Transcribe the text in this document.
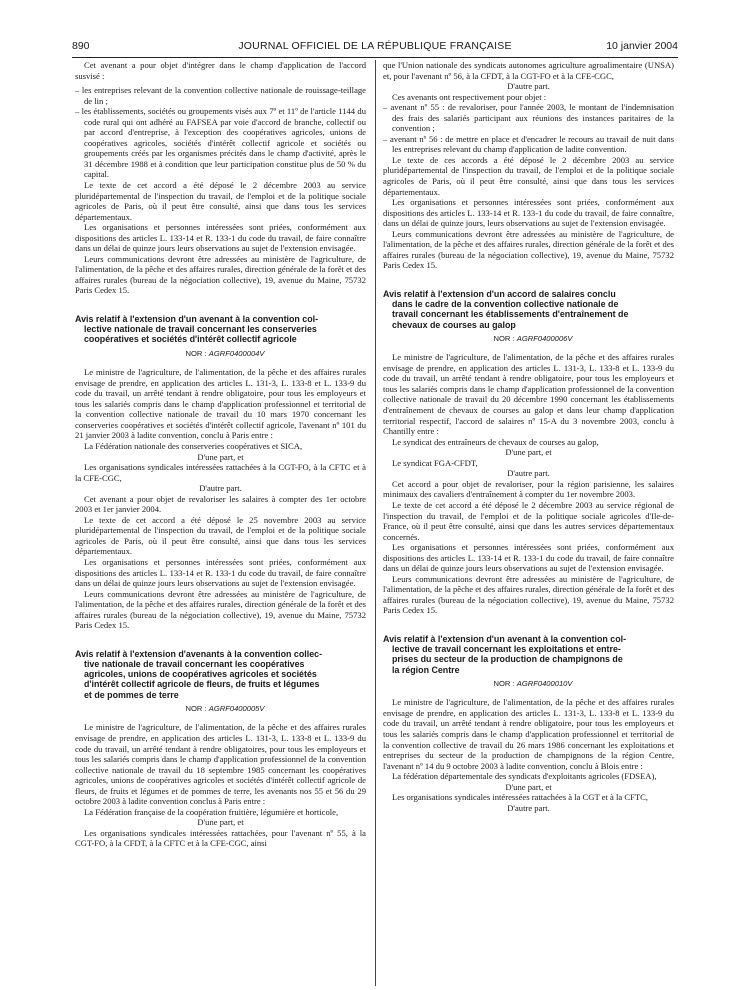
890	JOURNAL OFFICIEL DE LA RÉPUBLIQUE FRANÇAISE	10 janvier 2004

Cet avenant a pour objet d'intégrer dans le champ d'application de l'accord susvisé :

– les entreprises relevant de la convention collective nationale de rouissage-teillage de lin ;

– les établissements, sociétés ou groupements visés aux 7º et 11º de l'article 1144 du code rural qui ont adhéré au FAFSEA par voie d'accord de branche, collectif ou par accord d'entreprise, à l'exception des coopératives agricoles, unions de coopératives agricoles, sociétés d'intérêt collectif agricole et sociétés ou groupements créés par les organismes précités dans le champ d'activité, après le 31 décembre 1988 et à condition que leur participation constitue plus de 50 % du capital.

Le texte de cet accord a été déposé le 2 décembre 2003 au service pluridépartemental de l'inspection du travail, de l'emploi et de la politique sociale agricoles de Paris, où il peut être consulté, ainsi que dans tous les services départementaux.

Les organisations et personnes intéressées sont priées, conformément aux dispositions des articles L. 133-14 et R. 133-1 du code du travail, de faire connaître dans un délai de quinze jours leurs observations au sujet de l'extension envisagée.

Leurs communications devront être adressées au ministère de l'agriculture, de l'alimentation, de la pêche et des affaires rurales, direction générale de la forêt et des affaires rurales (bureau de la négociation collective), 19, avenue du Maine, 75732 Paris Cedex 15.

Avis relatif à l'extension d'un avenant à la convention col-
lective nationale de travail concernant les conserveries
coopératives et sociétés d'intérêt collectif agricole

NOR : AGRF0400004V

Le ministre de l'agriculture, de l'alimentation, de la pêche et des affaires rurales envisage de prendre, en application des articles L. 131-3, L. 133-8 et L. 133-9 du code du travail, un arrêté tendant à rendre obligatoire, pour tous les employeurs et tous les salariés compris dans le champ d'application professionnel et territorial de la convention collective nationale de travail du 10 mars 1970 concernant les conserveries coopératives et sociétés d'intérêt collectif agricole, l'avenant nº 101 du 21 janvier 2003 à ladite convention, conclu à Paris entre :

La Fédération nationale des conserveries coopératives et SICA,

D'une part, et

Les organisations syndicales intéressées rattachées à la CGT-FO, à la CFTC et à la CFE-CGC,

D'autre part.

Cet avenant a pour objet de revaloriser les salaires à compter des 1er octobre 2003 et 1er janvier 2004.

Le texte de cet accord a été déposé le 25 novembre 2003 au service pluridépartemental de l'inspection du travail, de l'emploi et de la politique sociale agricoles de Paris, où il peut être consulté, ainsi que dans tous les services départementaux.

Les organisations et personnes intéressées sont priées, conformément aux dispositions des articles L. 133-14 et R. 133-1 du code du travail, de faire connaître dans un délai de quinze jours leurs observations au sujet de l'extension envisagée.

Leurs communications devront être adressées au ministère de l'agriculture, de l'alimentation, de la pêche et des affaires rurales, direction générale de la forêt et des affaires rurales (bureau de la négociation collective), 19, avenue du Maine, 75732 Paris Cedex 15.

Avis relatif à l'extension d'avenants à la convention collec-
tive nationale de travail concernant les coopératives
agricoles, unions de coopératives agricoles et sociétés
d'intérêt collectif agricole de fleurs, de fruits et légumes
et de pommes de terre

NOR : AGRF0400005V

Le ministre de l'agriculture, de l'alimentation, de la pêche et des affaires rurales envisage de prendre, en application des articles L. 131-3, L. 133-8 et L. 133-9 du code du travail, un arrêté tendant à rendre obligatoires, pour tous les employeurs et tous les salariés compris dans le champ d'application professionnel de la convention collective nationale de travail du 18 septembre 1985 concernant les coopératives agricoles, unions de coopératives agricoles et sociétés d'intérêt collectif agricole de fleurs, de fruits et légumes et de pommes de terre, les avenants nos 55 et 56 du 29 octobre 2003 à ladite convention conclus à Paris entre :

La Fédération française de la coopération fruitière, légumière et horticole,

D'une part, et

Les organisations syndicales intéressées rattachées, pour l'avenant nº 55, à la CGT-FO, à la CFDT, à la CFTC et à la CFE-CGC, ainsi

que l'Union nationale des syndicats autonomes agriculture agroalimentaire (UNSA) et, pour l'avenant nº 56, à la CFDT, à la CGT-FO et à la CFE-CGC,

D'autre part.

Ces avenants ont respectivement pour objet :

– avenant nº 55 : de revaloriser, pour l'année 2003, le montant de l'indemnisation des frais des salariés participant aux réunions des instances paritaires de la convention ;

– avenant nº 56 : de mettre en place et d'encadrer le recours au travail de nuit dans les entreprises relevant du champ d'application de ladite convention.

Le texte de ces accords a été déposé le 2 décembre 2003 au service pluridépartemental de l'inspection du travail, de l'emploi et de la politique sociale agricoles de Paris, où il peut être consulté, ainsi que dans tous les services départementaux.

Les organisations et personnes intéressées sont priées, conformément aux dispositions des articles L. 133-14 et R. 133-1 du code du travail, de faire connaître, dans un délai de quinze jours, leurs observations au sujet de l'extension envisagée.

Leurs communications devront être adressées au ministère de l'agriculture, de l'alimentation, de la pêche et des affaires rurales, direction générale de la forêt et des affaires rurales (bureau de la négociation collective), 19, avenue du Maine, 75732 Paris Cedex 15.

Avis relatif à l'extension d'un accord de salaires conclu
dans le cadre de la convention collective nationale de
travail concernant les établissements d'entraînement de
chevaux de courses au galop

NOR : AGRF0400006V

Le ministre de l'agriculture, de l'alimentation, de la pêche et des affaires rurales envisage de prendre, en application des articles L. 131-3, L. 133-8 et L. 133-9 du code du travail, un arrêté tendant à rendre obligatoire, pour tous les employeurs et tous les salariés compris dans le champ d'application professionnel de la convention collective nationale de travail du 20 décembre 1990 concernant les établissements d'entraînement de chevaux de courses au galop et dans leur champ d'application territorial respectif, l'accord de salaires nº 15-A du 3 novembre 2003, conclu à Chantilly entre :

Le syndicat des entraîneurs de chevaux de courses au galop,

D'une part, et

Le syndicat FGA-CFDT,

D'autre part.

Cet accord a pour objet de revaloriser, pour la région parisienne, les salaires minimaux des cavaliers d'entraînement à compter du 1er novembre 2003.

Le texte de cet accord a été déposé le 2 décembre 2003 au service régional de l'inspection du travail, de l'emploi et de la politique sociale agricoles d'Ile-de-France, où il peut être consulté, ainsi que dans les autres services départementaux concernés.

Les organisations et personnes intéressées sont priées, conformément aux dispositions des articles L. 133-14 et R. 133-1 du code du travail, de faire connaître dans un délai de quinze jours leurs observations au sujet de l'extension envisagée.

Leurs communications devront être adressées au ministère de l'agriculture, de l'alimentation, de la pêche et des affaires rurales, direction générale de la forêt et des affaires rurales (bureau de la négociation collective), 19, avenue du Maine, 75732 Paris Cedex 15.

Avis relatif à l'extension d'un avenant à la convention col-
lective de travail concernant les exploitations et entre-
prises du secteur de la production de champignons de
la région Centre

NOR : AGRF0400010V

Le ministre de l'agriculture, de l'alimentation, de la pêche et des affaires rurales envisage de prendre, en application des articles L. 131-3, L. 133-8 et L. 133-9 du code du travail, un arrêté tendant à rendre obligatoire, pour tous les employeurs et tous les salariés compris dans le champ d'application professionnel et territorial de la convention collective de travail du 26 mars 1986 concernant les exploitations et entreprises du secteur de la production de champignons de la région Centre, l'avenant nº 14 du 9 octobre 2003 à ladite convention, conclu à Blois entre :

La fédération départementale des syndicats d'exploitants agricoles (FDSEA),

D'une part, et

Les organisations syndicales intéressées rattachées à la CGT et à la CFTC,

D'autre part.
